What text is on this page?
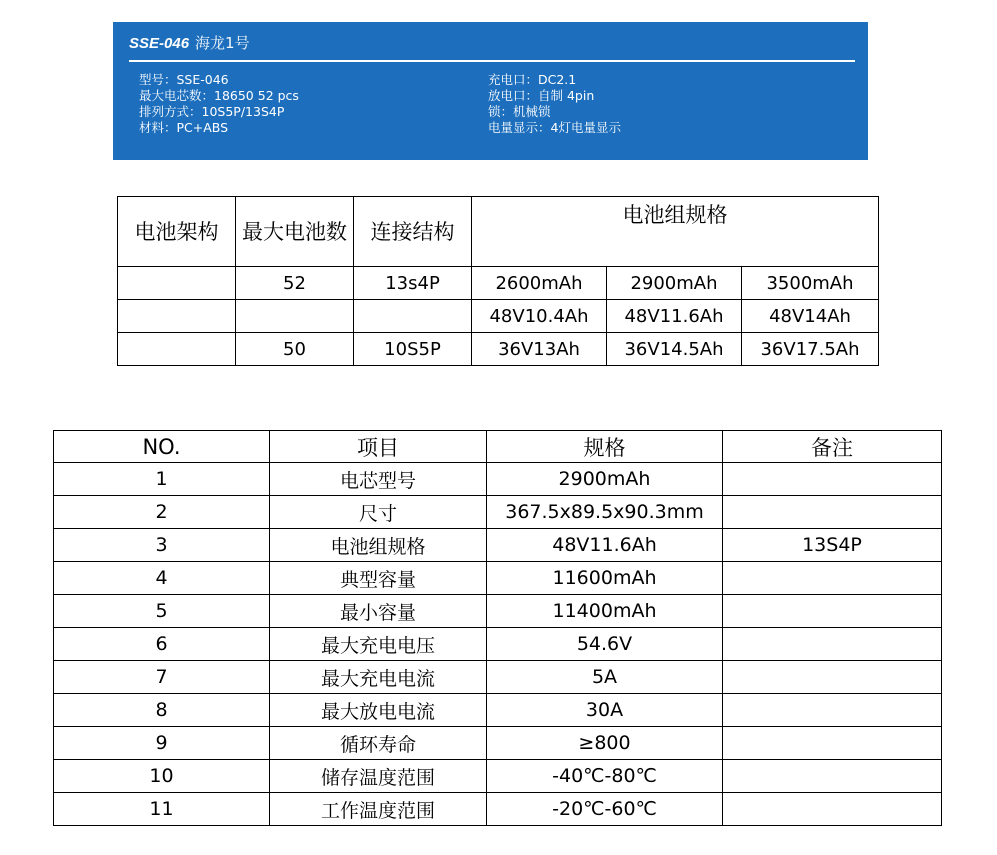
SSE-046 海龙1号
型号：SSE-046
最大电芯数：18650 52 pcs
排列方式：10S5P/13S4P
材料：PC+ABS
充电口：DC2.1
放电口：自制 4pin
锁：机械锁
电量显示：4灯电量显示
电池架构	最大电池数	连接结构	电池组规格		
	52	13s4P	2600mAh	2900mAh	3500mAh
			48V10.4Ah	48V11.6Ah	48V14Ah
	50	10S5P	36V13Ah	36V14.5Ah	36V17.5Ah
NO.	项目	规格	备注
1	电芯型号	2900mAh	
2	尺寸	367.5x89.5x90.3mm	
3	电池组规格	48V11.6Ah	13S4P
4	典型容量	11600mAh	
5	最小容量	11400mAh	
6	最大充电电压	54.6V	
7	最大充电电流	5A	
8	最大放电电流	30A	
9	循环寿命	≥800	
10	储存温度范围	-40℃-80℃	
11	工作温度范围	-20℃-60℃	
